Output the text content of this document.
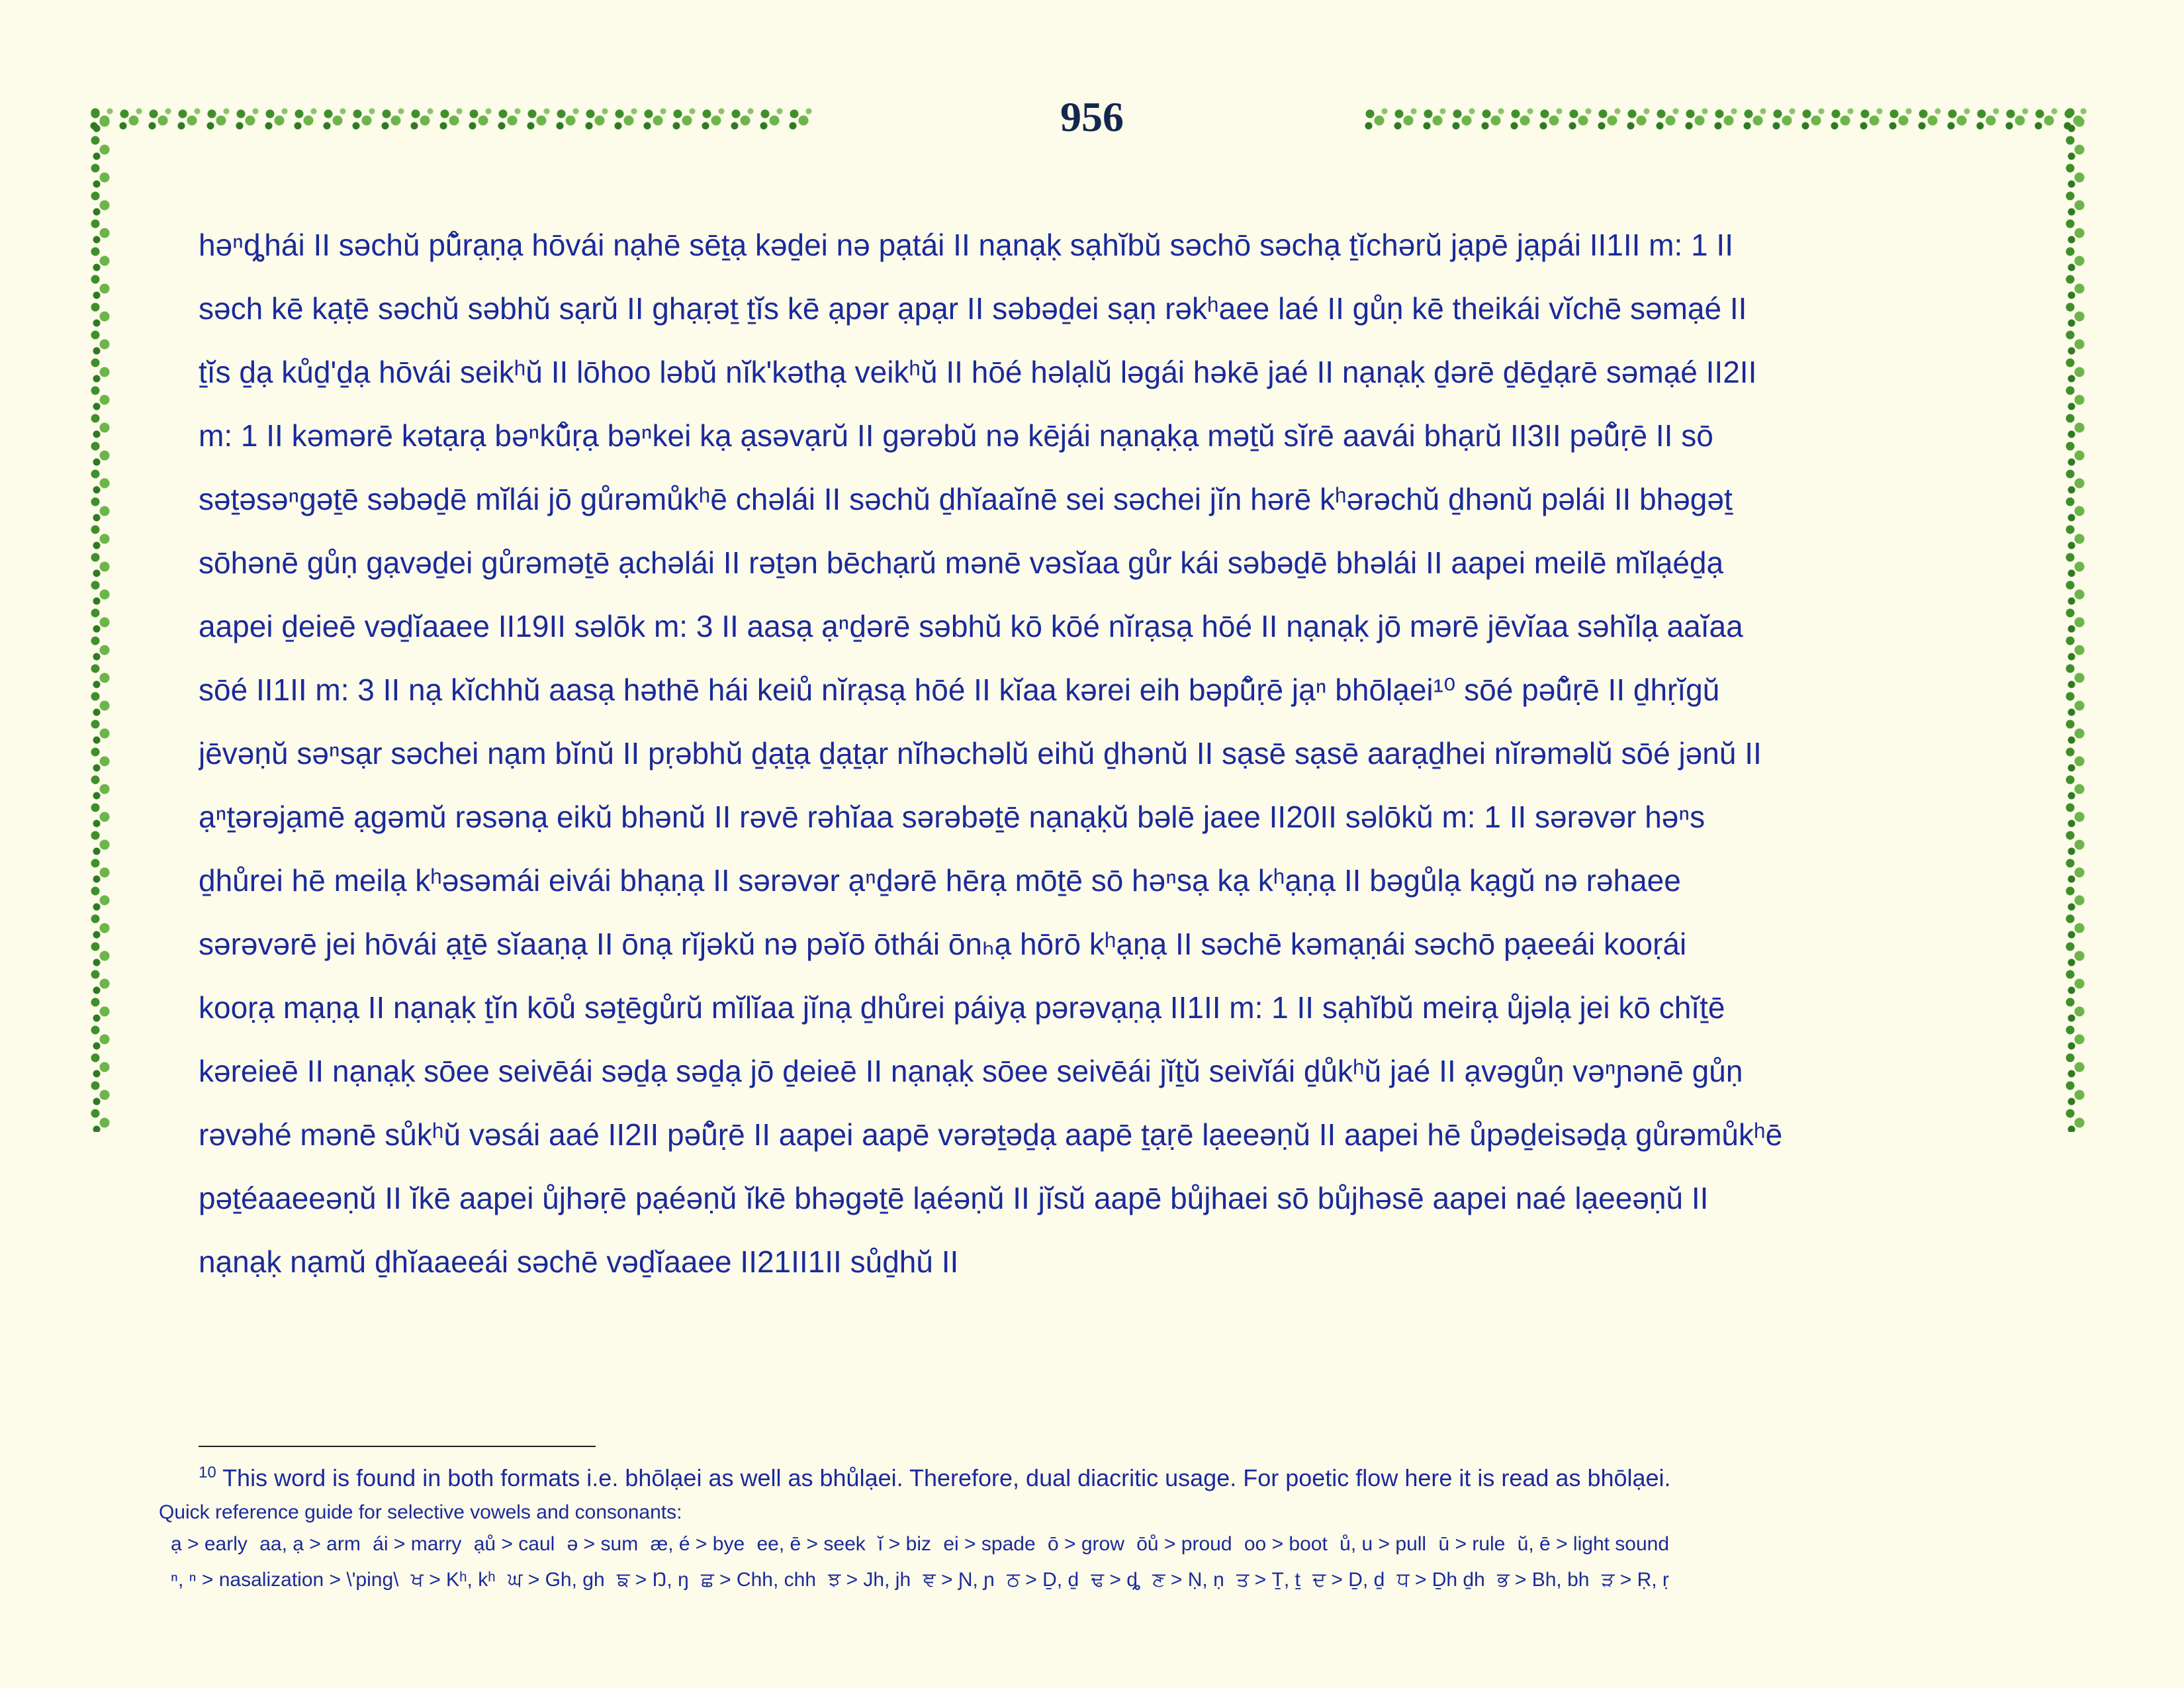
956
həⁿȡhái II səchŭ pů̃rạṇạ hōvái nạhē sēṯạ kəḏei nə pạtái II nạnạḳ sạhĭbŭ səchō səchạ ṯĭchərŭ jạpē jạpái II1II m: 1 II
səch kē kạṭē səchŭ səbhŭ sạrŭ II ghạṛəṯ ṯĭs kē ạpər ạpạr II səbəḏei sạṇ rəkʰaee laé II gůṇ kē theikái vĭchē səmạé II
ṯĭs ḏạ kůḏʹḏạ hōvái seikʰŭ II lōhoo ləbŭ nĭkʹkəthạ veikʰŭ II hōé həlạlŭ ləgái həkē jaé II nạnạḳ ḏərē ḏēḏạrē səmạé II2II
m: 1 II kəmərē kətạrạ bəⁿků̃ṛạ bəⁿkei kạ ạsəvạrŭ II gərəbŭ nə kējái nạnạḳạ məṯŭ sĭrē aavái bhạrŭ II3II pəů̃ṛē II sō
səṯəsəⁿgəṯē səbəḏē mĭlái jō gůrəmůkʰē chəlái II səchŭ ḏhĭaaĭnē sei səchei jĭn hərē kʰərəchŭ ḏhənŭ pəlái II bhəgəṯ
sōhənē gůṇ gạvəḏei gůrəməṯē ạchəlái II rəṯən bēchạrŭ mənē vəsĭaa gůr kái səbəḏē bhəlái II aapei meilē mĭlạéḏạ
aapei ḏeieē vəḏĭaaee II19II səlōk m: 3 II aasạ ạⁿḏərē səbhŭ kō kōé nĭrạsạ hōé II nạnạḳ jō mərē jēvĭaa səhĭlạ aaĭaa
sōé II1II m: 3 II nạ kĭchhŭ aasạ həthē hái keiů nĭrạsạ hōé II kĭaa kərei eih bəpů̃ṛē jạⁿ bhōlạei¹⁰ sōé pəů̃ṛē II ḏhṛĭgŭ
jēvəṇŭ səⁿsạr səchei nạm bĭnŭ II pṛəbhŭ ḏạṯạ ḏạṯạr nĭhəchəlŭ eihŭ ḏhənŭ II sạsē sạsē aarạḏhei nĭrəməlŭ sōé jənŭ II
ạⁿṯərəjạmē ạgəmŭ rəsənạ eikŭ bhənŭ II rəvē rəhĭaa sərəbəṯē nạnạḳŭ bəlē jaee II20II səlōkŭ m: 1 II sərəvər həⁿs
ḏhůrei hē meilạ kʰəsəmái eivái bhạṇạ II sərəvər ạⁿḏərē hērạ mōṯē sō həⁿsạ kạ kʰạṇạ II bəgůlạ kạgŭ nə rəhaee
sərəvərē jei hōvái ạṯē sĭaaṇạ II ōnạ rĭjəkŭ nə pəĭō ōthái ōnₕạ hōrō kʰạṇạ II səchē kəmạṇái səchō pạeeái kooṛái
kooṛạ mạṇạ II nạnạḳ ṯĭn kōů səṯēgůrŭ mĭlĭaa jĭnạ ḏhůrei páiyạ pərəvạṇạ II1II m: 1 II sạhĭbŭ meirạ ůjəlạ jei kō chĭṯē
kəreieē II nạnạḳ sōee seivēái səḏạ səḏạ jō ḏeieē II nạnạḳ sōee seivēái jĭṯŭ seivĭái ḏůkʰŭ jaé II ạvəgůṇ vəⁿɲənē gůṇ
rəvəhé mənē sůkʰŭ vəsái aaé II2II pəů̃ṛē II aapei aapē vərəṯəḏạ aapē ṯạṛē lạeeəṇŭ II aapei hē ůpəḏeisəḏạ gůrəmůkʰē
pəṯéaaeeəṇŭ II ĭkē aapei ůjhəṛē pạéəṇŭ ĭkē bhəgəṯē lạéəṇŭ II jĭsŭ aapē bůjhaei sō bůjhəsē aapei naé lạeeəṇŭ II
nạnạḳ nạmŭ ḏhĭaaeeái səchē vəḏĭaaee II21II1II sůḏhŭ II
$^{10}$ This word is found in both formats i.e. bhōlạei as well as bhůlạei. Therefore, dual diacritic usage. For poetic flow here it is read as bhōlạei.
Quick reference guide for selective vowels and consonants:
ạ > early aa, ạ > arm ái > marry ạů > caul ə > sum æ, é > bye ee, ē > seek ĭ > biz ei > spade ō > grow ōů > proud oo > boot ů, u > pull ū > rule ŭ, ē > light sound
ⁿ, ⁿ > nasalization > \'ping\ ਖ > Kʰ, kʰ ਘ > Gh, gh ਙ > Ŋ, ŋ ਛ > Chh, chh ਝ > Jh, jh ਞ > Ɲ, ɲ ਠ > Ḏ, ḏ ਢ > ȡ ਣ > Ṇ, ṇ ਤ > Ṯ, ṯ ਦ > Ḏ, ḏ ਧ > Ḏh ḏh ਭ > Bh, bh ੜ > Ṛ, ṛ
